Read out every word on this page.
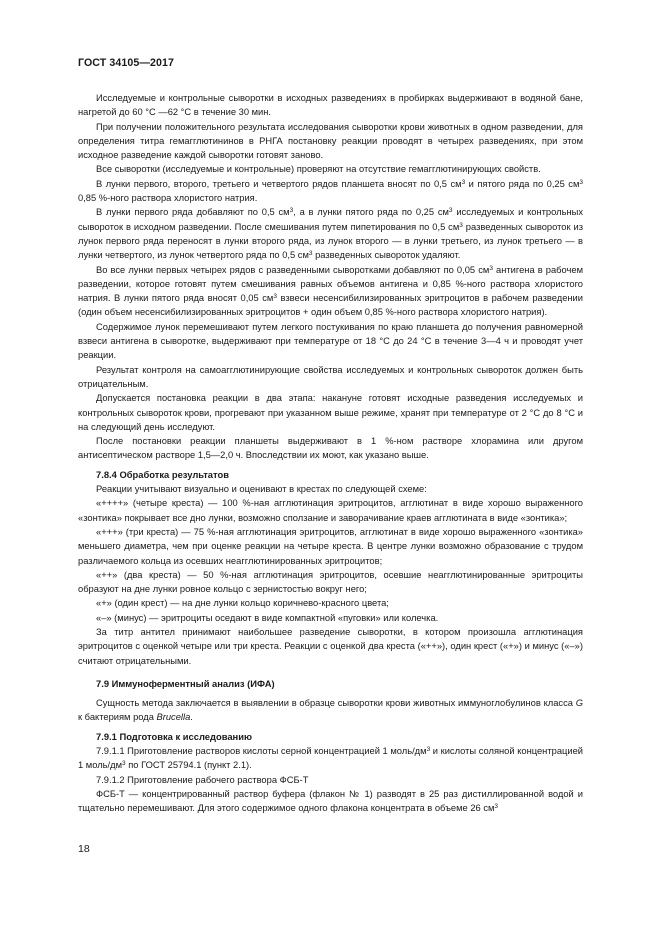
ГОСТ 34105—2017

Исследуемые и контрольные сыворотки в исходных разведениях в пробирках выдерживают в водяной бане, нагретой до 60 °С —62 °С в течение 30 мин.

При получении положительного результата исследования сыворотки крови животных в одном разведении, для определения титра гемагглютининов в РНГА постановку реакции проводят в четырех разведениях, при этом исходное разведение каждой сыворотки готовят заново.

Все сыворотки (исследуемые и контрольные) проверяют на отсутствие гемагглютинирующих свойств.

В лунки первого, второго, третьего и четвертого рядов планшета вносят по 0,5 $см^3$ и пятого ряда по 0,25 $см^3$ 0,85 %-ного раствора хлористого натрия.

В лунки первого ряда добавляют по 0,5 $см^3$, а в лунки пятого ряда по 0,25 $см^3$ исследуемых и контрольных сывороток в исходном разведении. После смешивания путем пипетирования по 0,5 $см^3$ разведенных сывороток из лунок первого ряда переносят в лунки второго ряда, из лунок второго — в лунки третьего, из лунок третьего — в лунки четвертого, из лунок четвертого ряда по 0,5 $см^3$ разведенных сывороток удаляют.

Во все лунки первых четырех рядов с разведенными сыворотками добавляют по 0,05 $см^3$ антигена в рабочем разведении, которое готовят путем смешивания равных объемов антигена и 0,85 %-ного раствора хлористого натрия. В лунки пятого ряда вносят 0,05 $см^3$ взвеси несенсибилизированных эритроцитов в рабочем разведении (один объем несенсибилизированных эритроцитов + один объем 0,85 %-ного раствора хлористого натрия).

Содержимое лунок перемешивают путем легкого постукивания по краю планшета до получения равномерной взвеси антигена в сыворотке, выдерживают при температуре от 18 °С до 24 °С в течение 3—4 ч и проводят учет реакции.

Результат контроля на самоагглютинирующие свойства исследуемых и контрольных сывороток должен быть отрицательным.

Допускается постановка реакции в два этапа: накануне готовят исходные разведения исследуемых и контрольных сывороток крови, прогревают при указанном выше режиме, хранят при температуре от 2 °С до 8 °С и на следующий день исследуют.

После постановки реакции планшеты выдерживают в 1 %-ном растворе хлорамина или другом антисептическом растворе 1,5—2,0 ч. Впоследствии их моют, как указано выше.

7.8.4 Обработка результатов

Реакции учитывают визуально и оценивают в крестах по следующей схеме:

«++++» (четыре креста) — 100 %-ная агглютинация эритроцитов, агглютинат в виде хорошо выраженного «зонтика» покрывает все дно лунки, возможно сползание и заворачивание краев агглютината в виде «зонтика»;

«+++» (три креста) — 75 %-ная агглютинация эритроцитов, агглютинат в виде хорошо выраженного «зонтика» меньшего диаметра, чем при оценке реакции на четыре креста. В центре лунки возможно образование с трудом различаемого кольца из осевших неагглютинированных эритроцитов;

«++» (два креста) — 50 %-ная агглютинация эритроцитов, осевшие неагглютинированные эритроциты образуют на дне лунки ровное кольцо с зернистостью вокруг него;

«+» (один крест) — на дне лунки кольцо коричнево-красного цвета;

«–» (минус) — эритроциты оседают в виде компактной «пуговки» или колечка.

За титр антител принимают наибольшее разведение сыворотки, в котором произошла агглютинация эритроцитов с оценкой четыре или три креста. Реакции с оценкой два креста («++»), один крест («+») и минус («–») считают отрицательными.

7.9 Иммуноферментный анализ (ИФА)

Сущность метода заключается в выявлении в образце сыворотки крови животных иммуноглобулинов класса G к бактериям рода Brucella.

7.9.1 Подготовка к исследованию

7.9.1.1 Приготовление растворов кислоты серной концентрацией 1 моль/$дм^3$ и кислоты соляной концентрацией 1 моль/$дм^3$ по ГОСТ 25794.1 (пункт 2.1).

7.9.1.2 Приготовление рабочего раствора ФСБ-Т

ФСБ-Т — концентрированный раствор буфера (флакон № 1) разводят в 25 раз дистиллированной водой и тщательно перемешивают. Для этого содержимое одного флакона концентрата в объеме 26 $см^3$

18
